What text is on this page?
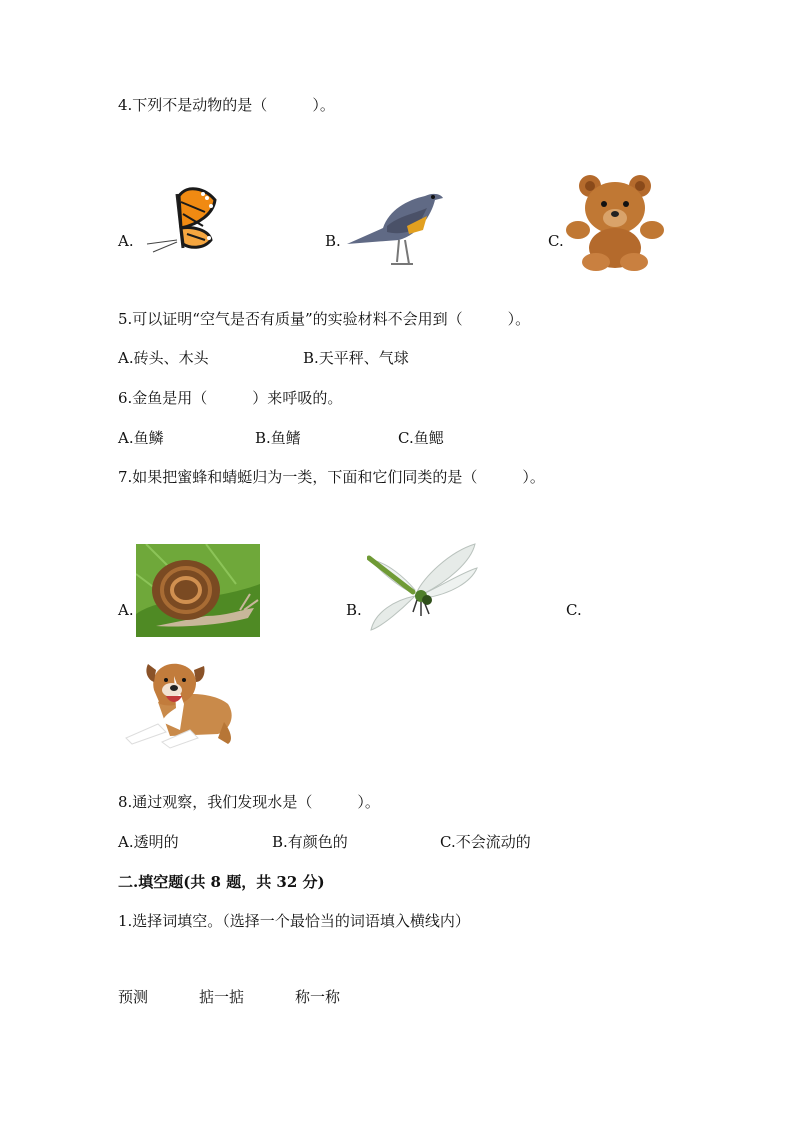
4.下列不是动物的是（　　　）。
A.	B.	C.
5.可以证明“空气是否有质量”的实验材料不会用到（　　　）。
A.砖头、木头	B.天平秤、气球
6.金鱼是用（　　　）来呼吸的。
A.鱼鳞	B.鱼鳍	C.鱼鳃
7.如果把蜜蜂和蜻蜓归为一类，下面和它们同类的是（　　　）。
A.	B.	C.
8.通过观察，我们发现水是（　　　）。
A.透明的	B.有颜色的	C.不会流动的
二.填空题(共 8 题，共 32 分)
1.选择词填空。（选择一个最恰当的词语填入横线内）
预测	掂一掂	称一称
